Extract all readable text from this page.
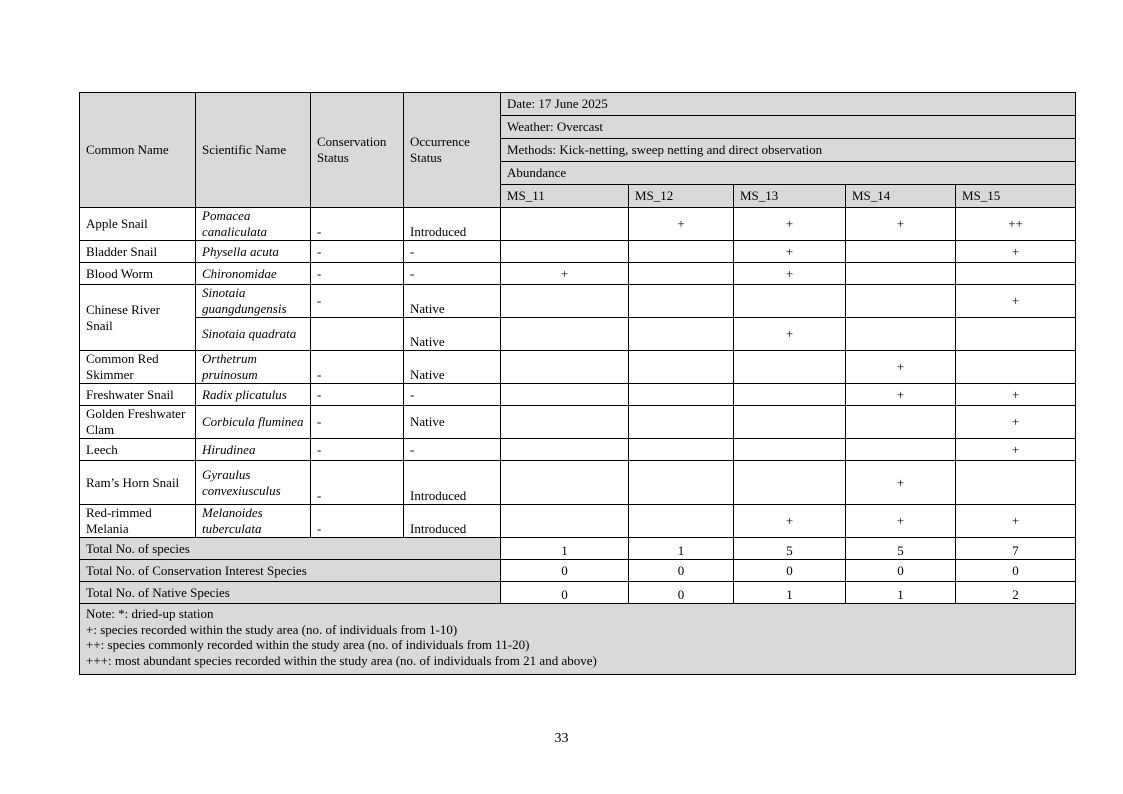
Common Name	Scientific Name	Conservation Status	Occurrence Status	Date: 17 June 2025				
				Weather: Overcast				
				Methods: Kick-netting, sweep netting and direct observation				
				Abundance				
				MS_11	MS_12	MS_13	MS_14	MS_15
Apple Snail	Pomacea canaliculata	-	Introduced		+	+	+	++
Bladder Snail	Physella acuta	-	-			+		+
Blood Worm	Chironomidae	-	-	+		+		
Chinese River Snail	Sinotaia guangdungensis	-	Native					+
	Sinotaia quadrata		Native			+		
Common Red Skimmer	Orthetrum pruinosum	-	Native				+	
Freshwater Snail	Radix plicatulus	-	-				+	+
Golden Freshwater Clam	Corbicula fluminea	-	Native					+
Leech	Hirudinea	-	-					+
Ram’s Horn Snail	Gyraulus convexiusculus	-	Introduced				+	
Red-rimmed Melania	Melanoides tuberculata	-	Introduced			+	+	+
Total No. of species				1	1	5	5	7
Total No. of Conservation Interest Species				0	0	0	0	0
Total No. of Native Species				0	0	1	1	2

Note: *: dried-up station
+: species recorded within the study area (no. of individuals from 1-10)
++: species commonly recorded within the study area (no. of individuals from 11-20)
+++: most abundant species recorded within the study area (no. of individuals from 21 and above)								
33
